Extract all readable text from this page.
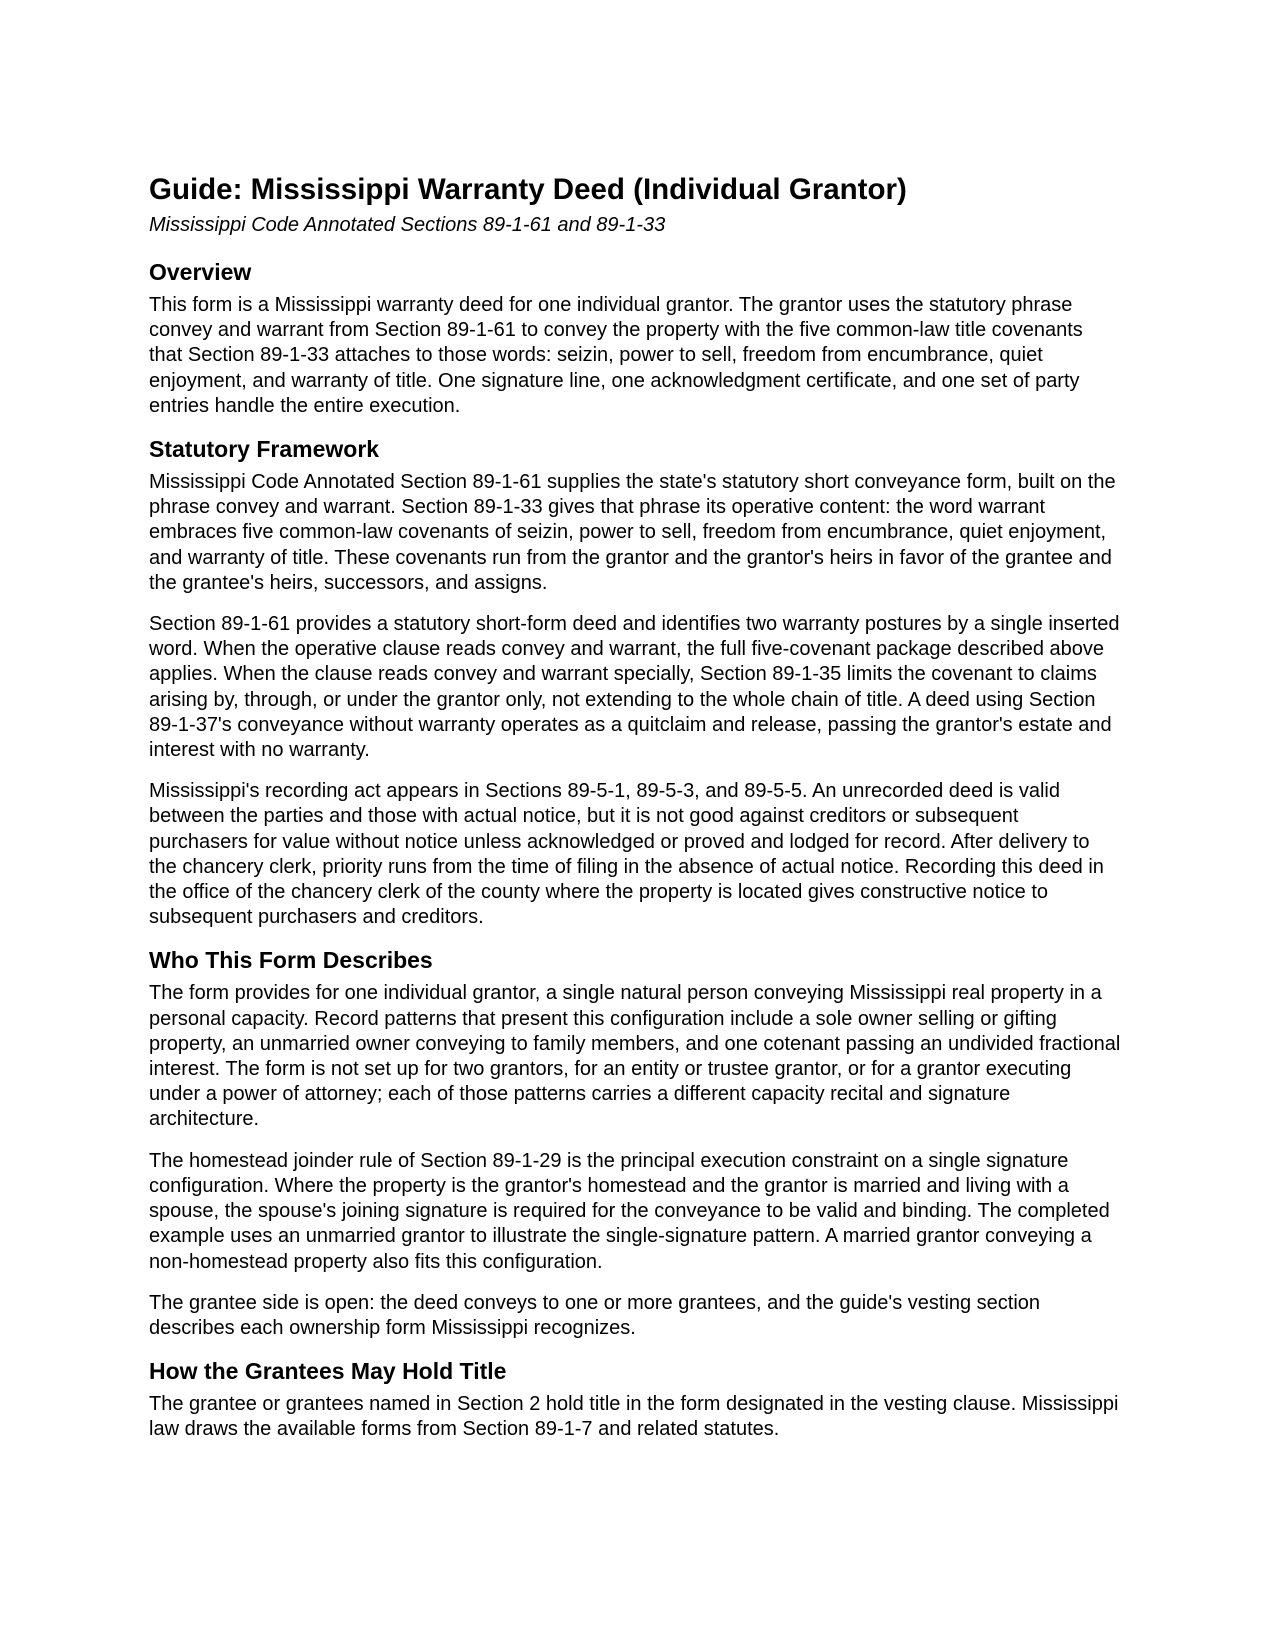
Guide: Mississippi Warranty Deed (Individual Grantor)
Mississippi Code Annotated Sections 89-1-61 and 89-1-33
Overview

This form is a Mississippi warranty deed for one individual grantor. The grantor uses the statutory phrase convey and warrant from Section 89-1-61 to convey the property with the five common-law title covenants that Section 89-1-33 attaches to those words: seizin, power to sell, freedom from encumbrance, quiet enjoyment, and warranty of title. One signature line, one acknowledgment certificate, and one set of party entries handle the entire execution.

Statutory Framework

Mississippi Code Annotated Section 89-1-61 supplies the state's statutory short conveyance form, built on the phrase convey and warrant. Section 89-1-33 gives that phrase its operative content: the word warrant embraces five common-law covenants of seizin, power to sell, freedom from encumbrance, quiet enjoyment, and warranty of title. These covenants run from the grantor and the grantor's heirs in favor of the grantee and the grantee's heirs, successors, and assigns.

Section 89-1-61 provides a statutory short-form deed and identifies two warranty postures by a single inserted word. When the operative clause reads convey and warrant, the full five-covenant package described above applies. When the clause reads convey and warrant specially, Section 89-1-35 limits the covenant to claims arising by, through, or under the grantor only, not extending to the whole chain of title. A deed using Section 89-1-37's conveyance without warranty operates as a quitclaim and release, passing the grantor's estate and interest with no warranty.

Mississippi's recording act appears in Sections 89-5-1, 89-5-3, and 89-5-5. An unrecorded deed is valid between the parties and those with actual notice, but it is not good against creditors or subsequent purchasers for value without notice unless acknowledged or proved and lodged for record. After delivery to the chancery clerk, priority runs from the time of filing in the absence of actual notice. Recording this deed in the office of the chancery clerk of the county where the property is located gives constructive notice to subsequent purchasers and creditors.

Who This Form Describes

The form provides for one individual grantor, a single natural person conveying Mississippi real property in a personal capacity. Record patterns that present this configuration include a sole owner selling or gifting property, an unmarried owner conveying to family members, and one cotenant passing an undivided fractional interest. The form is not set up for two grantors, for an entity or trustee grantor, or for a grantor executing under a power of attorney; each of those patterns carries a different capacity recital and signature architecture.

The homestead joinder rule of Section 89-1-29 is the principal execution constraint on a single signature configuration. Where the property is the grantor's homestead and the grantor is married and living with a spouse, the spouse's joining signature is required for the conveyance to be valid and binding. The completed example uses an unmarried grantor to illustrate the single-signature pattern. A married grantor conveying a non-homestead property also fits this configuration.

The grantee side is open: the deed conveys to one or more grantees, and the guide's vesting section describes each ownership form Mississippi recognizes.

How the Grantees May Hold Title

The grantee or grantees named in Section 2 hold title in the form designated in the vesting clause. Mississippi law draws the available forms from Section 89-1-7 and related statutes.
